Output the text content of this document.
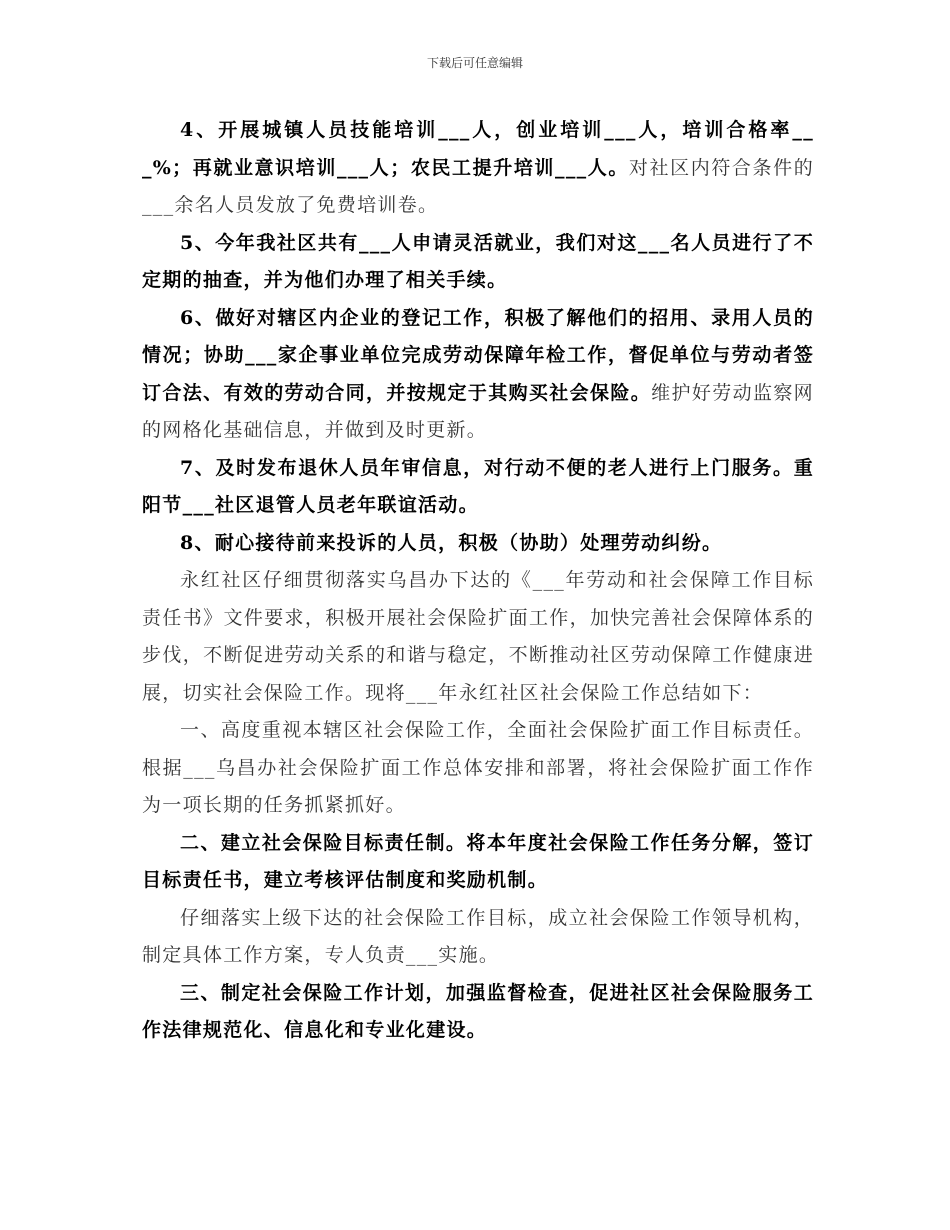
下载后可任意编辑

4、开展城镇人员技能培训___人，创业培训___人，培训合格率___%；再就业意识培训___人；农民工提升培训___人。对社区内符合条件的___余名人员发放了免费培训卷。

5、今年我社区共有___人申请灵活就业，我们对这___名人员进行了不定期的抽查，并为他们办理了相关手续。

6、做好对辖区内企业的登记工作，积极了解他们的招用、录用人员的情况；协助___家企事业单位完成劳动保障年检工作，督促单位与劳动者签订合法、有效的劳动合同，并按规定于其购买社会保险。维护好劳动监察网的网格化基础信息，并做到及时更新。

7、及时发布退休人员年审信息，对行动不便的老人进行上门服务。重阳节___社区退管人员老年联谊活动。

8、耐心接待前来投诉的人员，积极（协助）处理劳动纠纷。

永红社区仔细贯彻落实乌昌办下达的《___年劳动和社会保障工作目标责任书》文件要求，积极开展社会保险扩面工作，加快完善社会保障体系的步伐，不断促进劳动关系的和谐与稳定，不断推动社区劳动保障工作健康进展，切实社会保险工作。现将___年永红社区社会保险工作总结如下：

一、高度重视本辖区社会保险工作，全面社会保险扩面工作目标责任。根据___乌昌办社会保险扩面工作总体安排和部署，将社会保险扩面工作作为一项长期的任务抓紧抓好。

二、建立社会保险目标责任制。将本年度社会保险工作任务分解，签订目标责任书，建立考核评估制度和奖励机制。

仔细落实上级下达的社会保险工作目标，成立社会保险工作领导机构，制定具体工作方案，专人负责___实施。

三、制定社会保险工作计划，加强监督检查，促进社区社会保险服务工作法律规范化、信息化和专业化建设。
